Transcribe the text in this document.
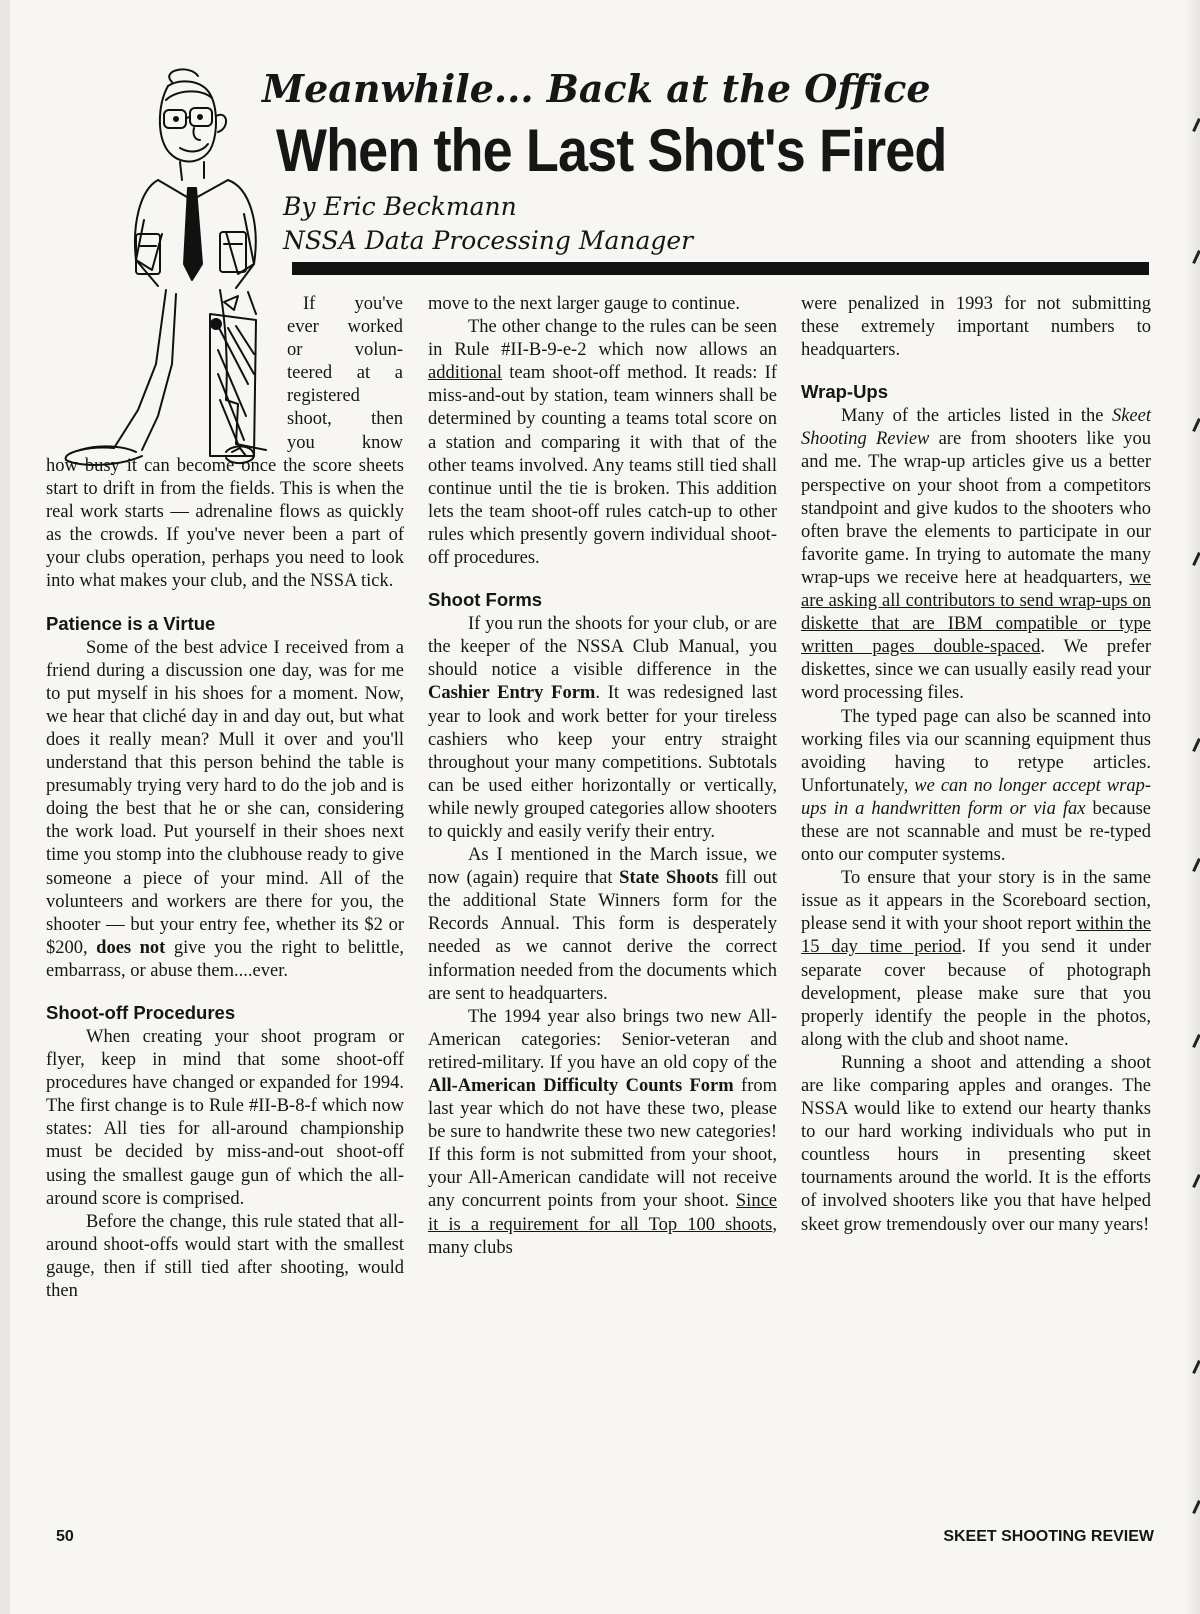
Meanwhile... Back at the Office
When the Last Shot's Fired
By Eric Beckmann
NSSA Data Processing Manager
If you've
ever worked
or volun-
teered at a
registered
shoot, then
you know

how busy it can become once the score sheets start to drift in from the fields. This is when the real work starts — adrenaline flows as quickly as the crowds. If you've never been a part of your clubs operation, perhaps you need to look into what makes your club, and the NSSA tick.

Patience is a Virtue

Some of the best advice I received from a friend during a discussion one day, was for me to put myself in his shoes for a moment. Now, we hear that cliché day in and day out, but what does it really mean? Mull it over and you'll understand that this person behind the table is presumably trying very hard to do the job and is doing the best that he or she can, considering the work load. Put yourself in their shoes next time you stomp into the clubhouse ready to give someone a piece of your mind. All of the volunteers and workers are there for you, the shooter — but your entry fee, whether its $2 or $200, does not give you the right to belittle, embarrass, or abuse them....ever.

Shoot-off Procedures

When creating your shoot program or flyer, keep in mind that some shoot-off procedures have changed or expanded for 1994. The first change is to Rule #II-B-8-f which now states: All ties for all-around championship must be decided by miss-and-out shoot-off using the smallest gauge gun of which the all-around score is comprised.

Before the change, this rule stated that all-around shoot-offs would start with the smallest gauge, then if still tied after shooting, would then

move to the next larger gauge to continue.

The other change to the rules can be seen in Rule #II-B-9-e-2 which now allows an additional team shoot-off method. It reads: If miss-and-out by station, team winners shall be determined by counting a teams total score on a station and comparing it with that of the other teams involved. Any teams still tied shall continue until the tie is broken. This addition lets the team shoot-off rules catch-up to other rules which presently govern individual shoot-off procedures.

Shoot Forms

If you run the shoots for your club, or are the keeper of the NSSA Club Manual, you should notice a visible difference in the Cashier Entry Form. It was redesigned last year to look and work better for your tireless cashiers who keep your entry straight throughout your many competitions. Subtotals can be used either horizontally or vertically, while newly grouped categories allow shooters to quickly and easily verify their entry.

As I mentioned in the March issue, we now (again) require that State Shoots fill out the additional State Winners form for the Records Annual. This form is desperately needed as we cannot derive the correct information needed from the documents which are sent to headquarters.

The 1994 year also brings two new All-American categories: Senior-veteran and retired-military. If you have an old copy of the All-American Difficulty Counts Form from last year which do not have these two, please be sure to handwrite these two new categories! If this form is not submitted from your shoot, your All-American candidate will not receive any concurrent points from your shoot. Since it is a requirement for all Top 100 shoots, many clubs

were penalized in 1993 for not submitting these extremely important numbers to headquarters.

Wrap-Ups

Many of the articles listed in the Skeet Shooting Review are from shooters like you and me. The wrap-up articles give us a better perspective on your shoot from a competitors standpoint and give kudos to the shooters who often brave the elements to participate in our favorite game. In trying to automate the many wrap-ups we receive here at headquarters, we are asking all contributors to send wrap-ups on diskette that are IBM compatible or type written pages double-spaced. We prefer diskettes, since we can usually easily read your word processing files.

The typed page can also be scanned into working files via our scanning equipment thus avoiding having to retype articles. Unfortunately, we can no longer accept wrap-ups in a handwritten form or via fax because these are not scannable and must be re-typed onto our computer systems.

To ensure that your story is in the same issue as it appears in the Scoreboard section, please send it with your shoot report within the 15 day time period. If you send it under separate cover because of photograph development, please make sure that you properly identify the people in the photos, along with the club and shoot name.

Running a shoot and attending a shoot are like comparing apples and oranges. The NSSA would like to extend our hearty thanks to our hard working individuals who put in countless hours in presenting skeet tournaments around the world. It is the efforts of involved shooters like you that have helped skeet grow tremendously over our many years!

50	SKEET SHOOTING REVIEW
